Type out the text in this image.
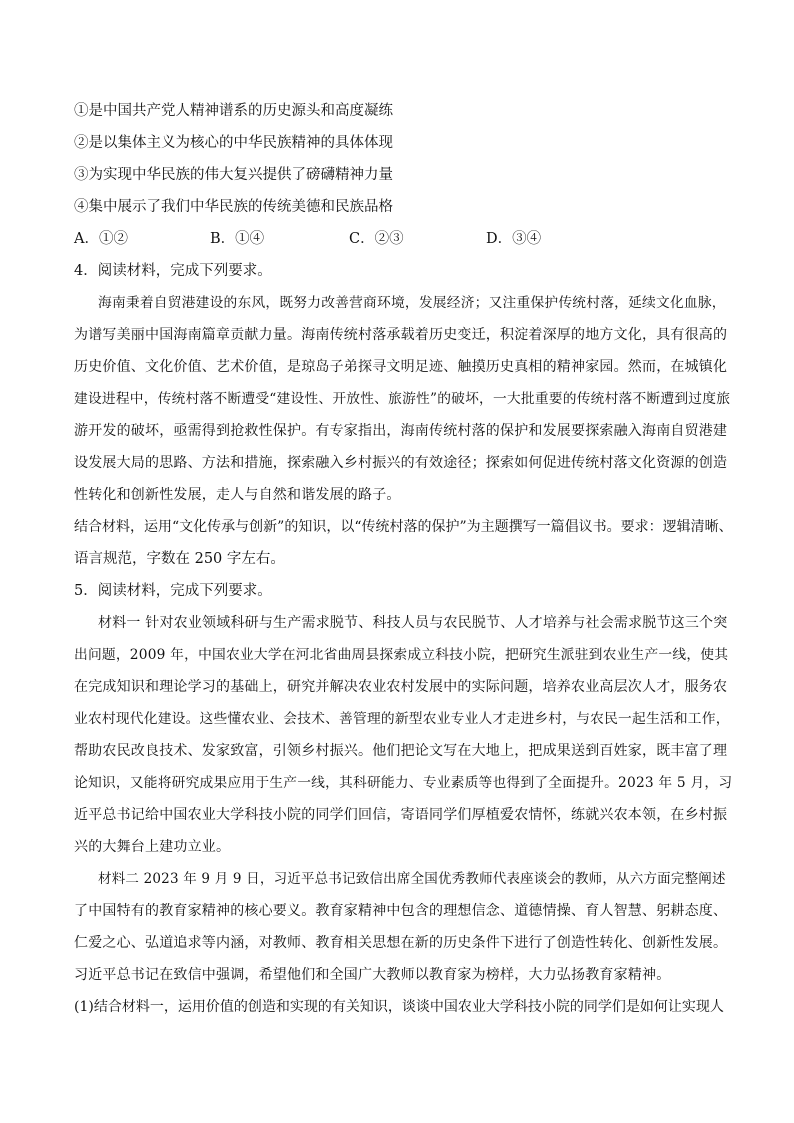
①是中国共产党人精神谱系的历史源头和高度凝练
②是以集体主义为核心的中华民族精神的具体体现
③为实现中华民族的伟大复兴提供了磅礴精神力量
④集中展示了我们中华民族的传统美德和民族品格
A．①②	B．①④	C．②③	D．③④
4．阅读材料，完成下列要求。
海南秉着自贸港建设的东风，既努力改善营商环境，发展经济；又注重保护传统村落，延续文化血脉，
为谱写美丽中国海南篇章贡献力量。海南传统村落承载着历史变迁，积淀着深厚的地方文化，具有很高的
历史价值、文化价值、艺术价值，是琼岛子弟探寻文明足迹、触摸历史真相的精神家园。然而，在城镇化
建设进程中，传统村落不断遭受“建设性、开放性、旅游性”的破坏，一大批重要的传统村落不断遭到过度旅
游开发的破坏，亟需得到抢救性保护。有专家指出，海南传统村落的保护和发展要探索融入海南自贸港建
设发展大局的思路、方法和措施，探索融入乡村振兴的有效途径；探索如何促进传统村落文化资源的创造
性转化和创新性发展，走人与自然和谐发展的路子。
结合材料，运用“文化传承与创新”的知识，以“传统村落的保护”为主题撰写一篇倡议书。要求：逻辑清晰、
语言规范，字数在 250 字左右。
5．阅读材料，完成下列要求。
材料一 针对农业领域科研与生产需求脱节、科技人员与农民脱节、人才培养与社会需求脱节这三个突
出问题，2009 年，中国农业大学在河北省曲周县探索成立科技小院，把研究生派驻到农业生产一线，使其
在完成知识和理论学习的基础上，研究并解决农业农村发展中的实际问题，培养农业高层次人才，服务农
业农村现代化建设。这些懂农业、会技术、善管理的新型农业专业人才走进乡村，与农民一起生活和工作，
帮助农民改良技术、发家致富，引领乡村振兴。他们把论文写在大地上，把成果送到百姓家，既丰富了理
论知识，又能将研究成果应用于生产一线，其科研能力、专业素质等也得到了全面提升。2023 年 5 月，习
近平总书记给中国农业大学科技小院的同学们回信，寄语同学们厚植爱农情怀，练就兴农本领，在乡村振
兴的大舞台上建功立业。
材料二 2023 年 9 月 9 日，习近平总书记致信出席全国优秀教师代表座谈会的教师，从六方面完整阐述
了中国特有的教育家精神的核心要义。教育家精神中包含的理想信念、道德情操、育人智慧、躬耕态度、
仁爱之心、弘道追求等内涵，对教师、教育相关思想在新的历史条件下进行了创造性转化、创新性发展。
习近平总书记在致信中强调，希望他们和全国广大教师以教育家为榜样，大力弘扬教育家精神。
(1)结合材料一，运用价值的创造和实现的有关知识，谈谈中国农业大学科技小院的同学们是如何让实现人
